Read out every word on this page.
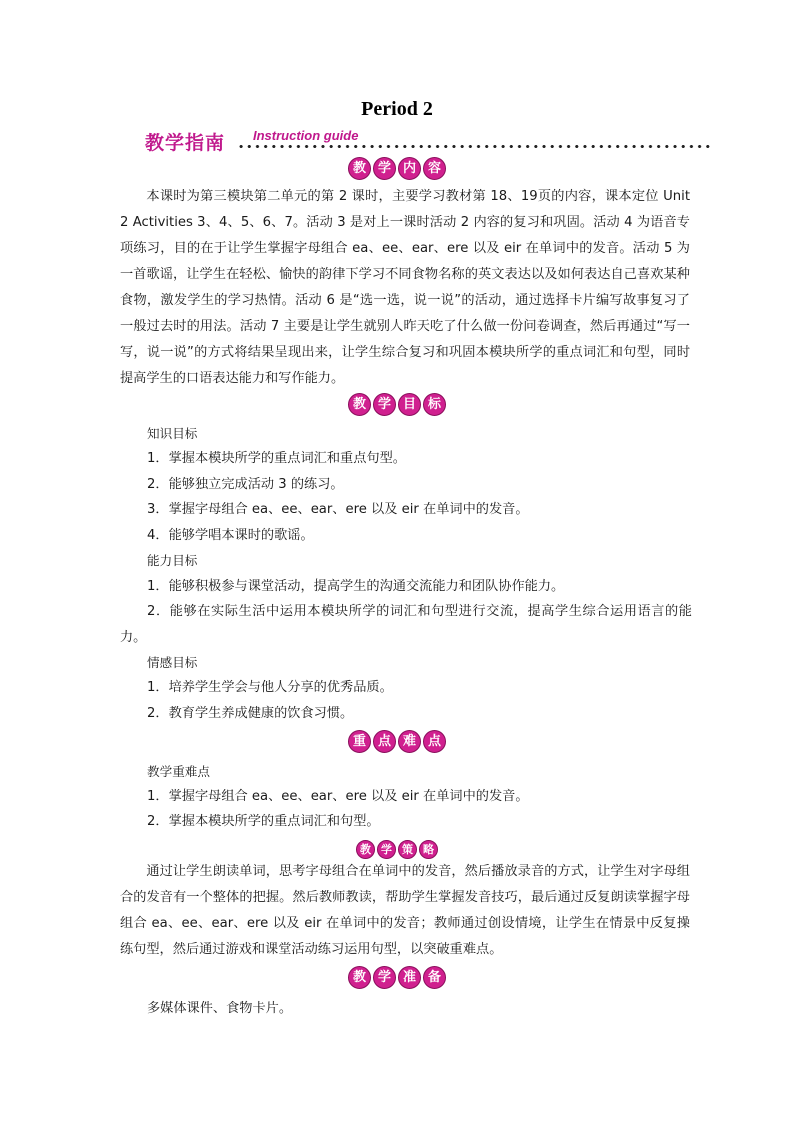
Period 2
教学指南 Instruction guide
教 学 内 容
本课时为第三模块第二单元的第 2 课时，主要学习教材第 18、19页的内容，课本定位 Unit 2 Activities 3、4、5、6、7。活动 3 是对上一课时活动 2 内容的复习和巩固。活动 4 为语音专项练习，目的在于让学生掌握字母组合 ea、ee、ear、ere 以及 eir 在单词中的发音。活动 5 为一首歌谣，让学生在轻松、愉快的韵律下学习不同食物名称的英文表达以及如何表达自己喜欢某种食物，激发学生的学习热情。活动 6 是“选一选，说一说”的活动，通过选择卡片编写故事复习了一般过去时的用法。活动 7 主要是让学生就别人昨天吃了什么做一份问卷调查，然后再通过“写一写，说一说”的方式将结果呈现出来，让学生综合复习和巩固本模块所学的重点词汇和句型，同时提高学生的口语表达能力和写作能力。
教 学 目 标
知识目标
1．掌握本模块所学的重点词汇和重点句型。
2．能够独立完成活动 3 的练习。
3．掌握字母组合 ea、ee、ear、ere 以及 eir 在单词中的发音。
4．能够学唱本课时的歌谣。
能力目标
1．能够积极参与课堂活动，提高学生的沟通交流能力和团队协作能力。
2．能够在实际生活中运用本模块所学的词汇和句型进行交流，提高学生综合运用语言的能力。
情感目标
1．培养学生学会与他人分享的优秀品质。
2．教育学生养成健康的饮食习惯。
重 点 难 点
教学重难点
1．掌握字母组合 ea、ee、ear、ere 以及 eir 在单词中的发音。
2．掌握本模块所学的重点词汇和句型。
教 学 策 略
通过让学生朗读单词，思考字母组合在单词中的发音，然后播放录音的方式，让学生对字母组合的发音有一个整体的把握。然后教师教读，帮助学生掌握发音技巧，最后通过反复朗读掌握字母组合 ea、ee、ear、ere 以及 eir 在单词中的发音；教师通过创设情境，让学生在情景中反复操练句型，然后通过游戏和课堂活动练习运用句型，以突破重难点。
教 学 准 备
多媒体课件、食物卡片。
